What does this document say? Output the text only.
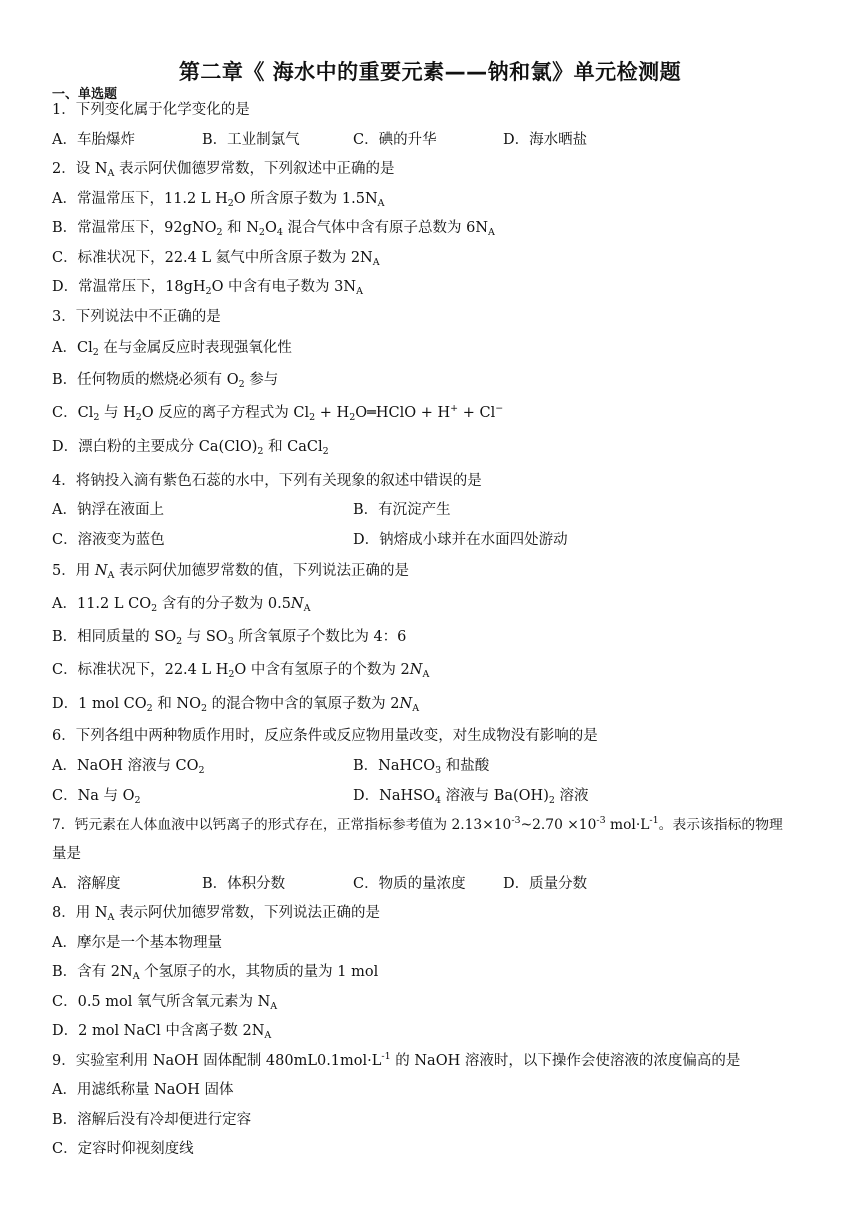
第二章《 海水中的重要元素——钠和氯》单元检测题
一、单选题
1．下列变化属于化学变化的是
A．车胎爆炸	B．工业制氯气	C．碘的升华	D．海水晒盐
2．设 $N_A$ 表示阿伏伽德罗常数，下列叙述中正确的是
A．常温常压下，11.2 L $H_2O$ 所含原子数为 $1.5N_A$
B．常温常压下，92gNO$_2$ 和 $N_2O_4$ 混合气体中含有原子总数为 $6N_A$
C．标准状况下，22.4 L 氦气中所含原子数为 $2N_A$
D．常温常压下，$18gH_2O$ 中含有电子数为 $3N_A$
3．下列说法中不正确的是
A．$Cl_2$ 在与金属反应时表现强氧化性
B．任何物质的燃烧必须有 $O_2$ 参与
C．$Cl_2$ 与 $H_2O$ 反应的离子方程式为 $Cl_2$ + $H_2O═HClO + H^+ + Cl^-$
D．漂白粉的主要成分 $Ca(ClO)_2$ 和 CaCl$_2$
4．将钠投入滴有紫色石蕊的水中，下列有关现象的叙述中错误的是
A．钠浮在液面上	B．有沉淀产生
C．溶液变为蓝色	D．钠熔成小球并在水面四处游动
5．用 $N_A$ 表示阿伏加德罗常数的值，下列说法正确的是
A．11.2 L $CO_2$ 含有的分子数为 $0.5N_A$
B．相同质量的 $SO_2$ 与 $SO_3$ 所含氧原子个数比为 4：6
C．标准状况下，22.4 L $H_2O$ 中含有氢原子的个数为 $2N_A$
D．1 mol $CO_2$ 和 $NO_2$ 的混合物中含的氧原子数为 $2N_A$
6．下列各组中两种物质作用时，反应条件或反应物用量改变，对生成物没有影响的是
A．NaOH 溶液与 $CO_2$	B．NaHCO$_3$ 和盐酸
C．Na 与 $O_2$	D．NaHSO$_4$ 溶液与 $Ba(OH)_2$ 溶液
7．钙元素在人体血液中以钙离子的形式存在，正常指标参考值为 $2.13\times 10^{-3}\sim 2.70 \times 10^{-3}$ $mol\cdot L^{-1}$。表示该指标的物理
量是
A．溶解度	B．体积分数	C．物质的量浓度	D．质量分数
8．用 $N_A$ 表示阿伏加德罗常数，下列说法正确的是
A．摩尔是一个基本物理量
B．含有 $2N_A$ 个氢原子的水，其物质的量为 1 mol
C．0.5 mol 氧气所含氧元素为 $N_A$
D．2 mol NaCl 中含离子数 $2N_A$
9．实验室利用 NaOH 固体配制 $480mL0.1mol\cdot L^{-1}$ 的 NaOH 溶液时，以下操作会使溶液的浓度偏高的是
A．用滤纸称量 NaOH 固体
B．溶解后没有冷却便进行定容
C．定容时仰视刻度线
